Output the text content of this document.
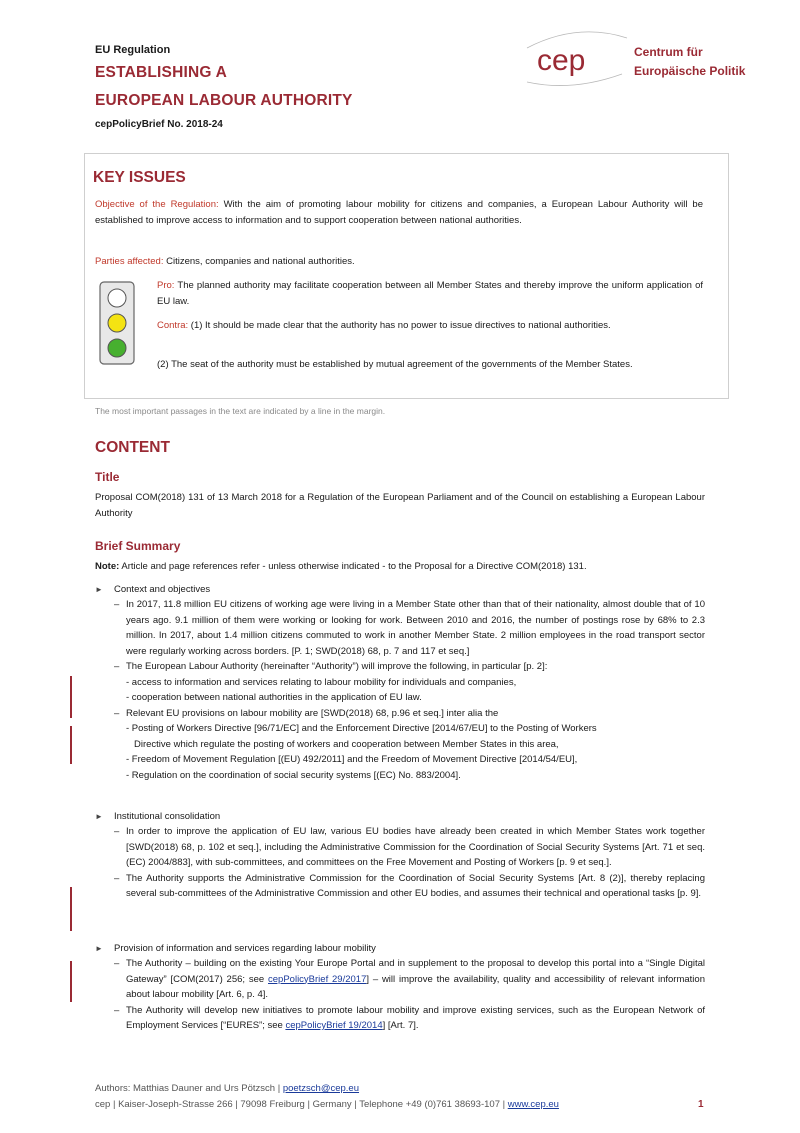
EU Regulation
ESTABLISHING A
EUROPEAN LABOUR AUTHORITY
cepPolicyBrief No. 2018-24
cep	Centrum für
Europäische Politik
KEY ISSUES
Objective of the Regulation: With the aim of promoting labour mobility for citizens and companies, a European Labour Authority will be established to improve access to information and to support cooperation between national authorities.
Parties affected: Citizens, companies and national authorities.
Pro: The planned authority may facilitate cooperation between all Member States and thereby improve the uniform application of EU law.
Contra: (1) It should be made clear that the authority has no power to issue directives to national authorities.
(2) The seat of the authority must be established by mutual agreement of the governments of the Member States.
The most important passages in the text are indicated by a line in the margin.
CONTENT
Title
Proposal COM(2018) 131 of 13 March 2018 for a Regulation of the European Parliament and of the Council on establishing a European Labour Authority
Brief Summary
Note: Article and page references refer - unless otherwise indicated - to the Proposal for a Directive COM(2018) 131.
►	Context and objectives
– In 2017, 11.8 million EU citizens of working age were living in a Member State other than that of their nationality, almost double that of 10 years ago. 9.1 million of them were working or looking for work. Between 2010 and 2016, the number of postings rose by 68% to 2.3 million. In 2017, about 1.4 million citizens commuted to work in another Member State. 2 million employees in the road transport sector were regularly working across borders. [P. 1; SWD(2018) 68, p. 7 and 117 et seq.]
– The European Labour Authority (hereinafter “Authority”) will improve the following, in particular [p. 2]:
- access to information and services relating to labour mobility for individuals and companies,
- cooperation between national authorities in the application of EU law.
– Relevant EU provisions on labour mobility are [SWD(2018) 68, p.96 et seq.] inter alia the
- Posting of Workers Directive [96/71/EC] and the Enforcement Directive [2014/67/EU] to the Posting of Workers
Directive which regulate the posting of workers and cooperation between Member States in this area,
- Freedom of Movement Regulation [(EU) 492/2011] and the Freedom of Movement Directive [2014/54/EU],
- Regulation on the coordination of social security systems [(EC) No. 883/2004].
►	Institutional consolidation
– In order to improve the application of EU law, various EU bodies have already been created in which Member States work together [SWD(2018) 68, p. 102 et seq.], including the Administrative Commission for the Coordination of Social Security Systems [Art. 71 et seq. (EC) 2004/883], with sub-committees, and committees on the Free Movement and Posting of Workers [p. 9 et seq.].
– The Authority supports the Administrative Commission for the Coordination of Social Security Systems [Art. 8 (2)], thereby replacing several sub-committees of the Administrative Commission and other EU bodies, and assumes their technical and operational tasks [p. 9].
►	Provision of information and services regarding labour mobility
– The Authority – building on the existing Your Europe Portal and in supplement to the proposal to develop this portal into a “Single Digital Gateway” [COM(2017) 256; see cepPolicyBrief 29/2017] – will improve the availability, quality and accessibility of relevant information about labour mobility [Art. 6, p. 4].
– The Authority will develop new initiatives to promote labour mobility and improve existing services, such as the European Network of Employment Services [“EURES”; see cepPolicyBrief 19/2014] [Art. 7].
Authors: Matthias Dauner and Urs Pötzsch | poetzsch@cep.eu
cep | Kaiser-Joseph-Strasse 266 | 79098 Freiburg | Germany | Telephone +49 (0)761 38693-107 | www.cep.eu	1
